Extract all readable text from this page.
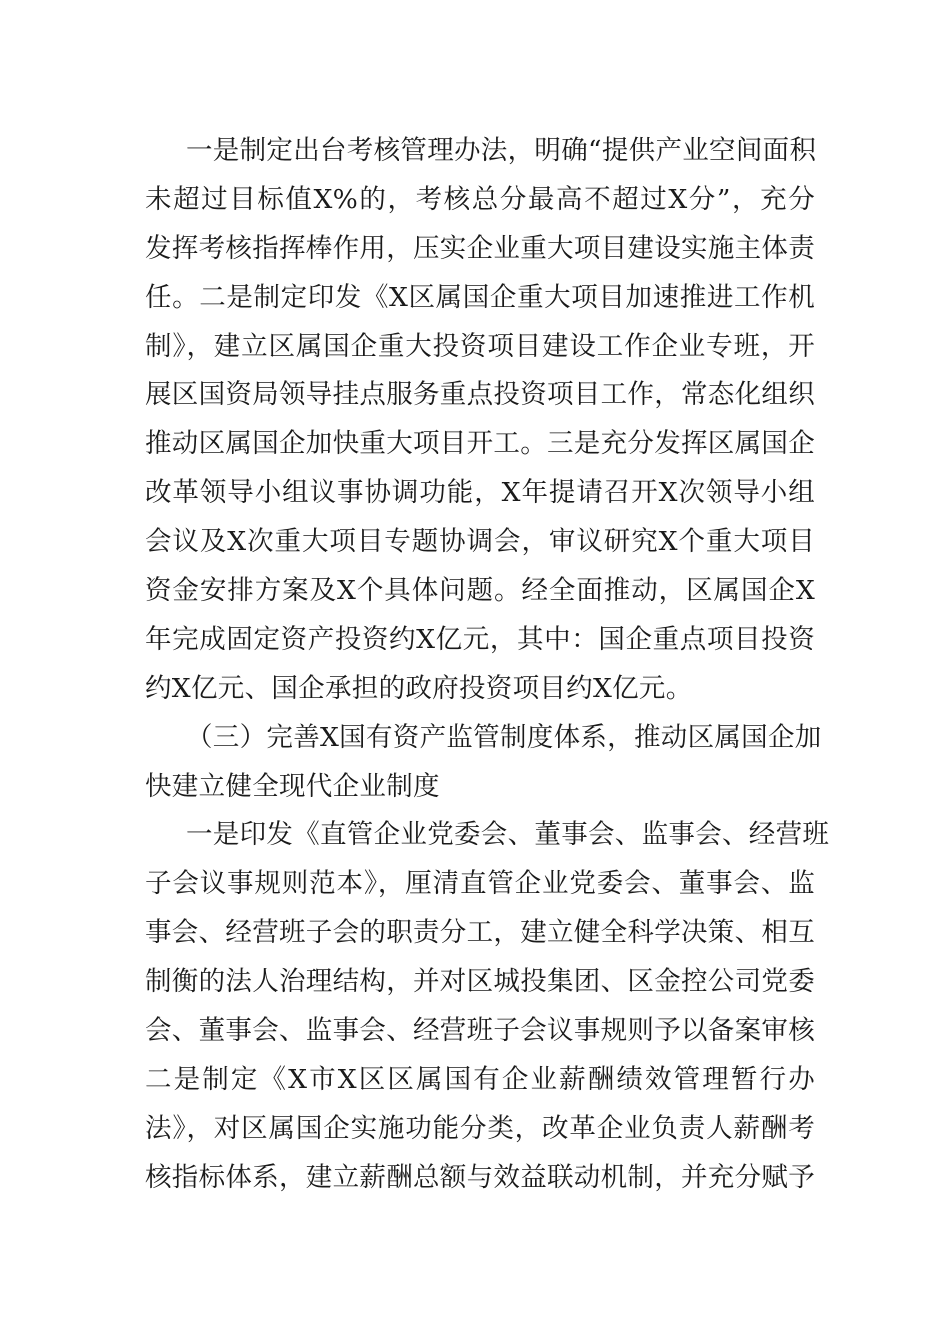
一是制定出台考核管理办法，明确“提供产业空间面积
未超过目标值X%的，考核总分最高不超过X分”，充分
发挥考核指挥棒作用，压实企业重大项目建设实施主体责
任。二是制定印发《X区属国企重大项目加速推进工作机
制》，建立区属国企重大投资项目建设工作企业专班，开
展区国资局领导挂点服务重点投资项目工作，常态化组织
推动区属国企加快重大项目开工。三是充分发挥区属国企
改革领导小组议事协调功能，X年提请召开X次领导小组
会议及X次重大项目专题协调会，审议研究X个重大项目
资金安排方案及X个具体问题。经全面推动，区属国企X
年完成固定资产投资约X亿元，其中：国企重点项目投资
约X亿元、国企承担的政府投资项目约X亿元。
（三）完善X国有资产监管制度体系，推动区属国企加
快建立健全现代企业制度
一是印发《直管企业党委会、董事会、监事会、经营班
子会议事规则范本》，厘清直管企业党委会、董事会、监
事会、经营班子会的职责分工，建立健全科学决策、相互
制衡的法人治理结构，并对区城投集团、区金控公司党委
会、董事会、监事会、经营班子会议事规则予以备案审核
二是制定《X市X区区属国有企业薪酬绩效管理暂行办
法》，对区属国企实施功能分类，改革企业负责人薪酬考
核指标体系，建立薪酬总额与效益联动机制，并充分赋予
